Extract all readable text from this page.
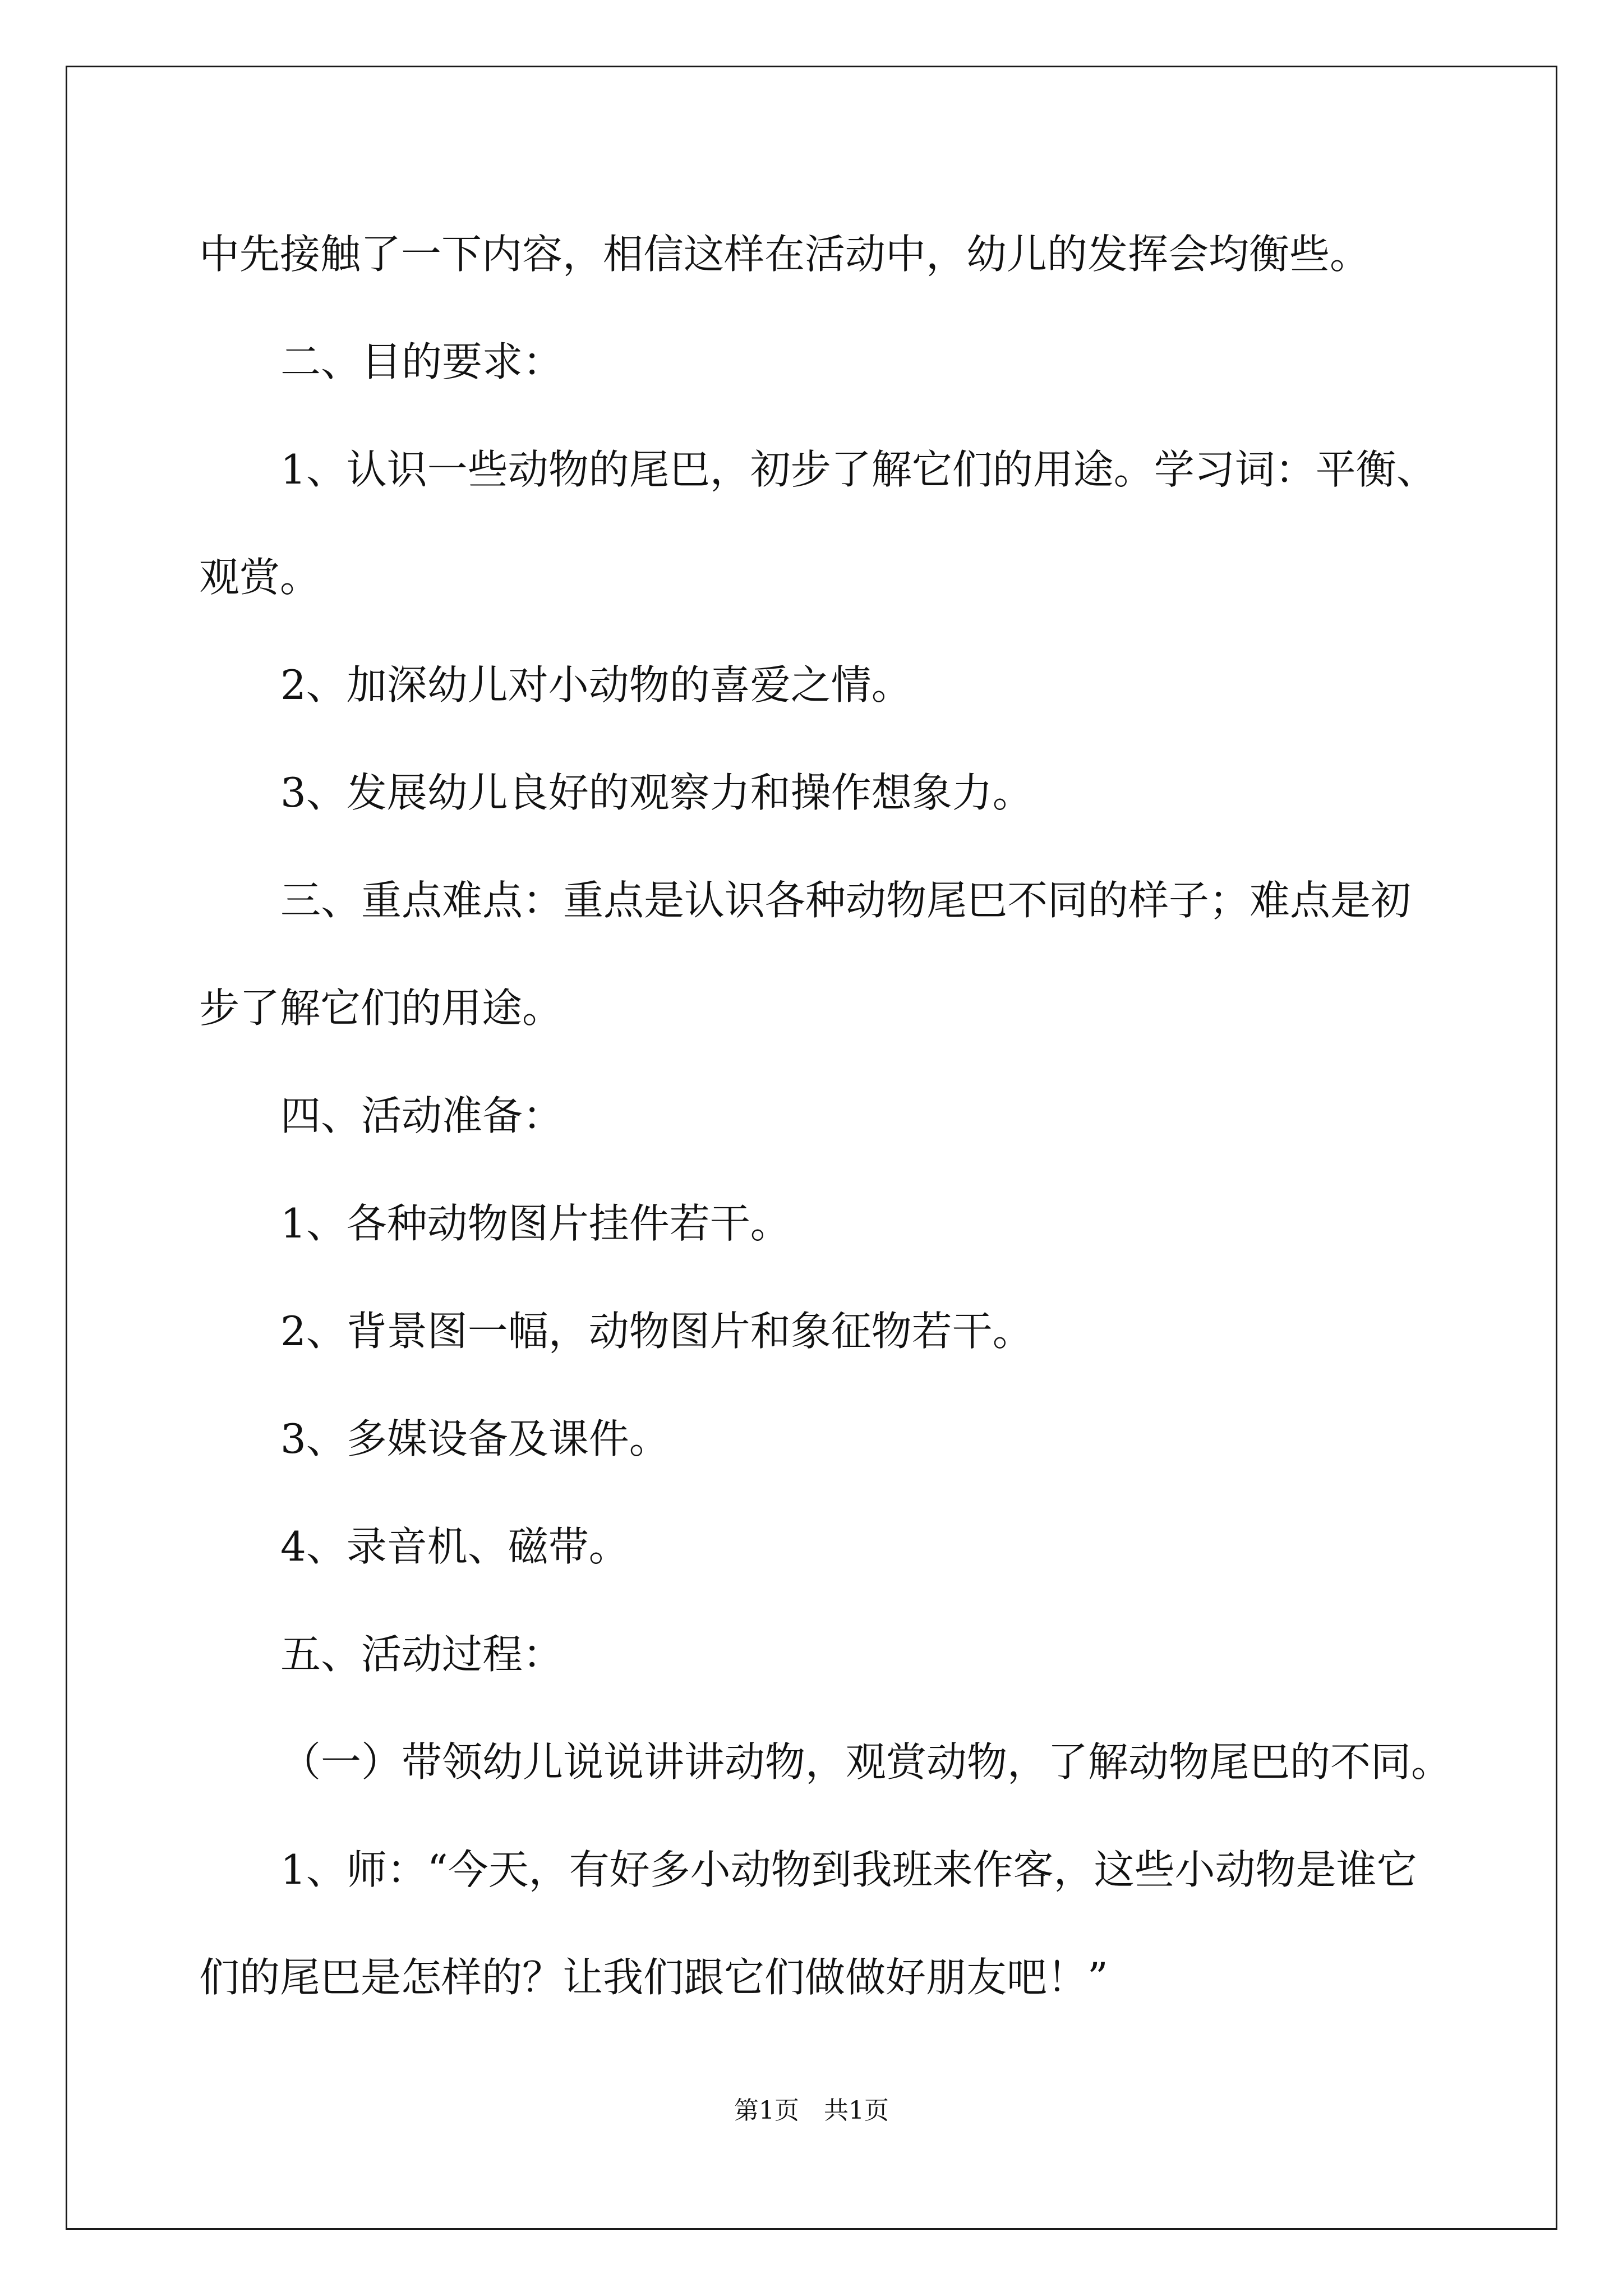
中先接触了一下内容，相信这样在活动中，幼儿的发挥会均衡些。
二、目的要求：
1、认识一些动物的尾巴，初步了解它们的用途。学习词：平衡、
观赏。
2、加深幼儿对小动物的喜爱之情。
3、发展幼儿良好的观察力和操作想象力。
三、重点难点：重点是认识各种动物尾巴不同的样子；难点是初
步了解它们的用途。
四、活动准备：
1、各种动物图片挂件若干。
2、背景图一幅，动物图片和象征物若干。
3、多媒设备及课件。
4、录音机、磁带。
五、活动过程：
（一）带领幼儿说说讲讲动物，观赏动物，了解动物尾巴的不同。
1、师：“今天，有好多小动物到我班来作客，这些小动物是谁它
们的尾巴是怎样的？让我们跟它们做做好朋友吧！”
第1页 共1页
